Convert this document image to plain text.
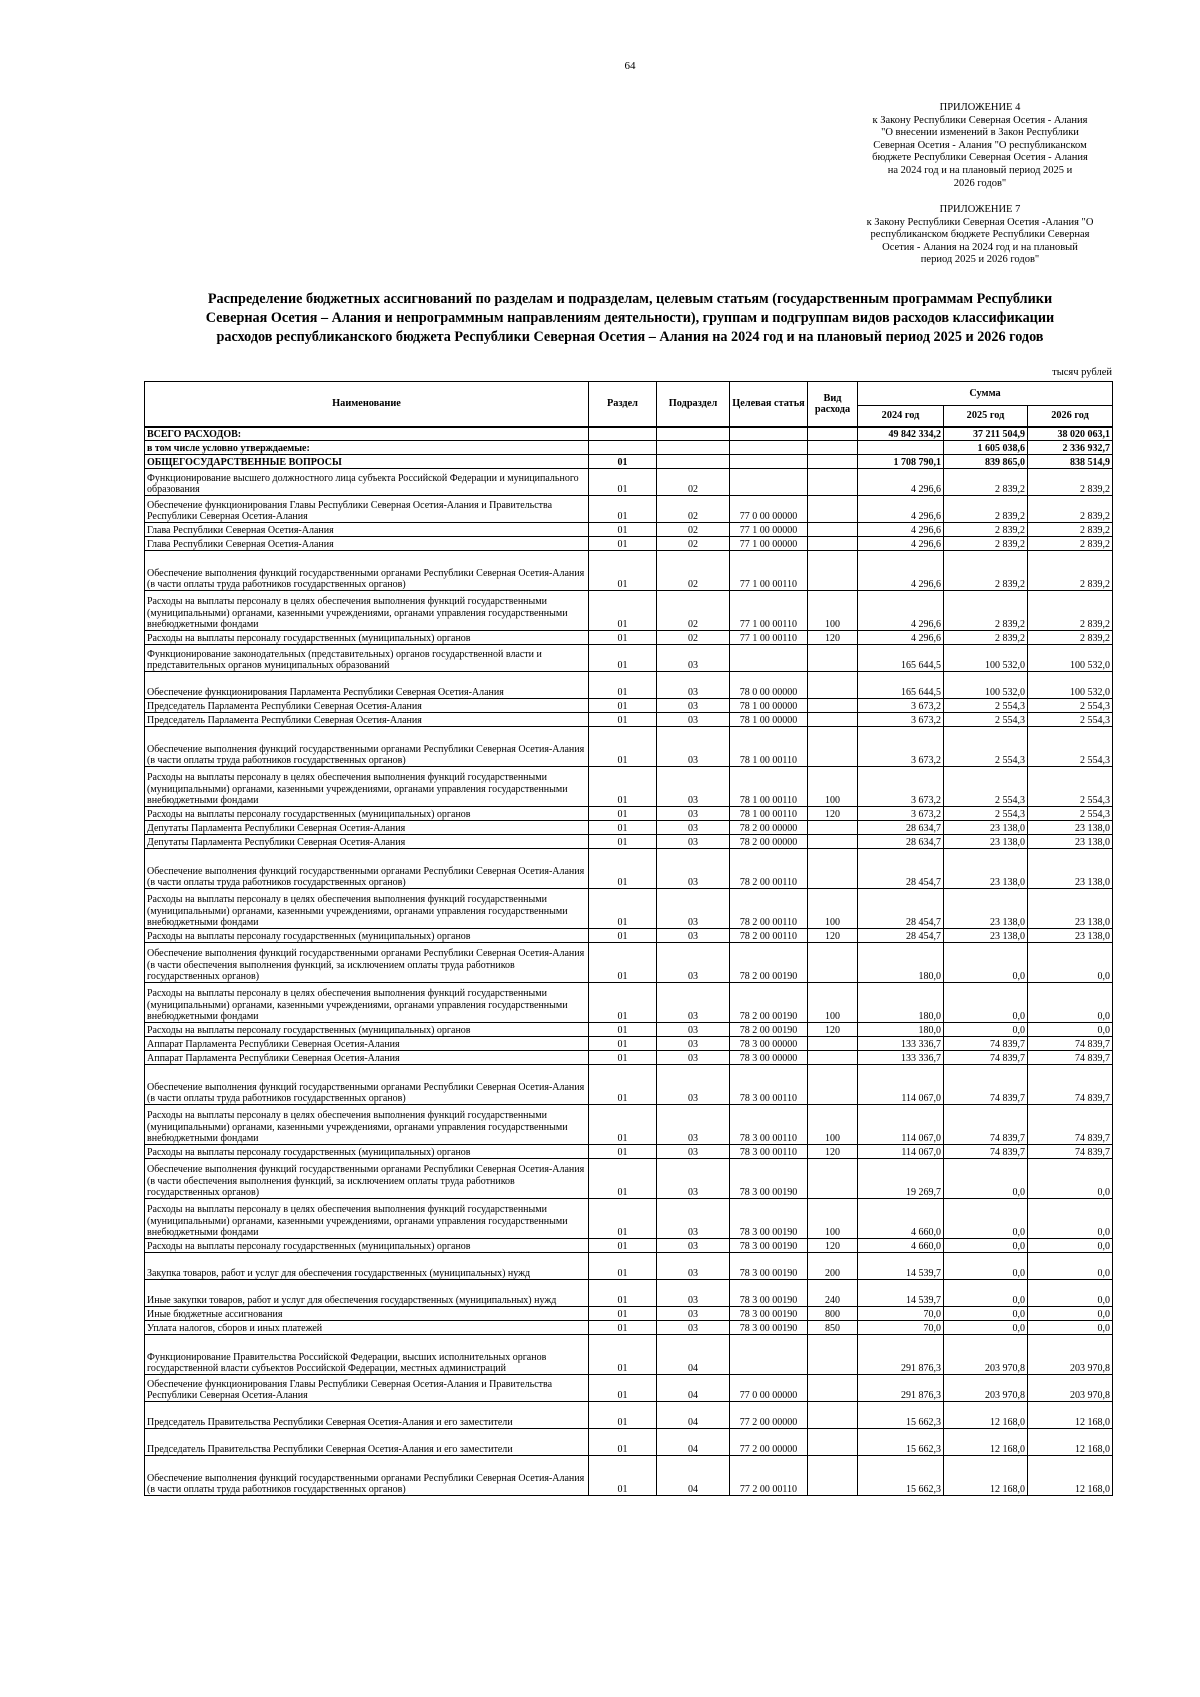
64
ПРИЛОЖЕНИЕ 4
к Закону Республики Северная Осетия - Алания
"О внесении изменений в Закон Республики
Северная Осетия - Алания "О республиканском
бюджете Республики Северная Осетия - Алания
на 2024 год и на плановый период 2025 и
2026 годов"
ПРИЛОЖЕНИЕ 7
к Закону Республики Северная Осетия -Алания "О
республиканском бюджете Республики Северная
Осетия - Алания на 2024 год и на плановый
период 2025 и 2026 годов"
Распределение бюджетных ассигнований по разделам и подразделам, целевым статьям (государственным программам Республики
Северная Осетия – Алания и непрограммным направлениям деятельности), группам и подгруппам видов расходов классификации
расходов республиканского бюджета Республики Северная Осетия – Алания на 2024 год и на плановый период 2025 и 2026 годов
тысяч рублей
Наименование	Раздел	Подраздел	Целевая статья	Вид расхода	Сумма		
					2024 год	2025 год	2026 год
ВСЕГО РАСХОДОВ:					49 842 334,2	37 211 504,9	38 020 063,1
в том числе условно утверждаемые:						1 605 038,6	2 336 932,7
ОБЩЕГОСУДАРСТВЕННЫЕ ВОПРОСЫ	01				1 708 790,1	839 865,0	838 514,9
Функционирование высшего должностного лица субъекта Российской Федерации и муниципального образования	01	02			4 296,6	2 839,2	2 839,2
Обеспечение функционирования Главы Республики Северная Осетия-Алания и Правительства Республики Северная Осетия-Алания	01	02	77 0 00 00000		4 296,6	2 839,2	2 839,2
Глава Республики Северная Осетия-Алания	01	02	77 1 00 00000		4 296,6	2 839,2	2 839,2
Глава Республики Северная Осетия-Алания	01	02	77 1 00 00000		4 296,6	2 839,2	2 839,2
Обеспечение выполнения функций государственными органами Республики Северная Осетия-Алания (в части оплаты труда работников государственных органов)	01	02	77 1 00 00110		4 296,6	2 839,2	2 839,2
Расходы на выплаты персоналу в целях обеспечения выполнения функций государственными (муниципальными) органами, казенными учреждениями, органами управления государственными внебюджетными фондами	01	02	77 1 00 00110	100	4 296,6	2 839,2	2 839,2
Расходы на выплаты персоналу государственных (муниципальных) органов	01	02	77 1 00 00110	120	4 296,6	2 839,2	2 839,2
Функционирование законодательных (представительных) органов государственной власти и представительных органов муниципальных образований	01	03			165 644,5	100 532,0	100 532,0
Обеспечение функционирования Парламента Республики Северная Осетия-Алания	01	03	78 0 00 00000		165 644,5	100 532,0	100 532,0
Председатель Парламента Республики Северная Осетия-Алания	01	03	78 1 00 00000		3 673,2	2 554,3	2 554,3
Председатель Парламента Республики Северная Осетия-Алания	01	03	78 1 00 00000		3 673,2	2 554,3	2 554,3
Обеспечение выполнения функций государственными органами Республики Северная Осетия-Алания (в части оплаты труда работников государственных органов)	01	03	78 1 00 00110		3 673,2	2 554,3	2 554,3
Расходы на выплаты персоналу в целях обеспечения выполнения функций государственными (муниципальными) органами, казенными учреждениями, органами управления государственными внебюджетными фондами	01	03	78 1 00 00110	100	3 673,2	2 554,3	2 554,3
Расходы на выплаты персоналу государственных (муниципальных) органов	01	03	78 1 00 00110	120	3 673,2	2 554,3	2 554,3
Депутаты Парламента Республики Северная Осетия-Алания	01	03	78 2 00 00000		28 634,7	23 138,0	23 138,0
Депутаты Парламента Республики Северная Осетия-Алания	01	03	78 2 00 00000		28 634,7	23 138,0	23 138,0
Обеспечение выполнения функций государственными органами Республики Северная Осетия-Алания (в части оплаты труда работников государственных органов)	01	03	78 2 00 00110		28 454,7	23 138,0	23 138,0
Расходы на выплаты персоналу в целях обеспечения выполнения функций государственными (муниципальными) органами, казенными учреждениями, органами управления государственными внебюджетными фондами	01	03	78 2 00 00110	100	28 454,7	23 138,0	23 138,0
Расходы на выплаты персоналу государственных (муниципальных) органов	01	03	78 2 00 00110	120	28 454,7	23 138,0	23 138,0
Обеспечение выполнения функций государственными органами Республики Северная Осетия-Алания (в части обеспечения выполнения функций, за исключением оплаты труда работников государственных органов)	01	03	78 2 00 00190		180,0	0,0	0,0
Расходы на выплаты персоналу в целях обеспечения выполнения функций государственными (муниципальными) органами, казенными учреждениями, органами управления государственными внебюджетными фондами	01	03	78 2 00 00190	100	180,0	0,0	0,0
Расходы на выплаты персоналу государственных (муниципальных) органов	01	03	78 2 00 00190	120	180,0	0,0	0,0
Аппарат Парламента Республики Северная Осетия-Алания	01	03	78 3 00 00000		133 336,7	74 839,7	74 839,7
Аппарат Парламента Республики Северная Осетия-Алания	01	03	78 3 00 00000		133 336,7	74 839,7	74 839,7
Обеспечение выполнения функций государственными органами Республики Северная Осетия-Алания (в части оплаты труда работников государственных органов)	01	03	78 3 00 00110		114 067,0	74 839,7	74 839,7
Расходы на выплаты персоналу в целях обеспечения выполнения функций государственными (муниципальными) органами, казенными учреждениями, органами управления государственными внебюджетными фондами	01	03	78 3 00 00110	100	114 067,0	74 839,7	74 839,7
Расходы на выплаты персоналу государственных (муниципальных) органов	01	03	78 3 00 00110	120	114 067,0	74 839,7	74 839,7
Обеспечение выполнения функций государственными органами Республики Северная Осетия-Алания (в части обеспечения выполнения функций, за исключением оплаты труда работников государственных органов)	01	03	78 3 00 00190		19 269,7	0,0	0,0
Расходы на выплаты персоналу в целях обеспечения выполнения функций государственными (муниципальными) органами, казенными учреждениями, органами управления государственными внебюджетными фондами	01	03	78 3 00 00190	100	4 660,0	0,0	0,0
Расходы на выплаты персоналу государственных (муниципальных) органов	01	03	78 3 00 00190	120	4 660,0	0,0	0,0
Закупка товаров, работ и услуг для обеспечения государственных (муниципальных) нужд	01	03	78 3 00 00190	200	14 539,7	0,0	0,0
Иные закупки товаров, работ и услуг для обеспечения государственных (муниципальных) нужд	01	03	78 3 00 00190	240	14 539,7	0,0	0,0
Иные бюджетные ассигнования	01	03	78 3 00 00190	800	70,0	0,0	0,0
Уплата налогов, сборов и иных платежей	01	03	78 3 00 00190	850	70,0	0,0	0,0
Функционирование Правительства Российской Федерации, высших исполнительных органов государственной власти субъектов Российской Федерации, местных администраций	01	04			291 876,3	203 970,8	203 970,8
Обеспечение функционирования Главы Республики Северная Осетия-Алания и Правительства Республики Северная Осетия-Алания	01	04	77 0 00 00000		291 876,3	203 970,8	203 970,8
Председатель Правительства Республики Северная Осетия-Алания и его заместители	01	04	77 2 00 00000		15 662,3	12 168,0	12 168,0
Председатель Правительства Республики Северная Осетия-Алания и его заместители	01	04	77 2 00 00000		15 662,3	12 168,0	12 168,0
Обеспечение выполнения функций государственными органами Республики Северная Осетия-Алания (в части оплаты труда работников государственных органов)	01	04	77 2 00 00110		15 662,3	12 168,0	12 168,0
